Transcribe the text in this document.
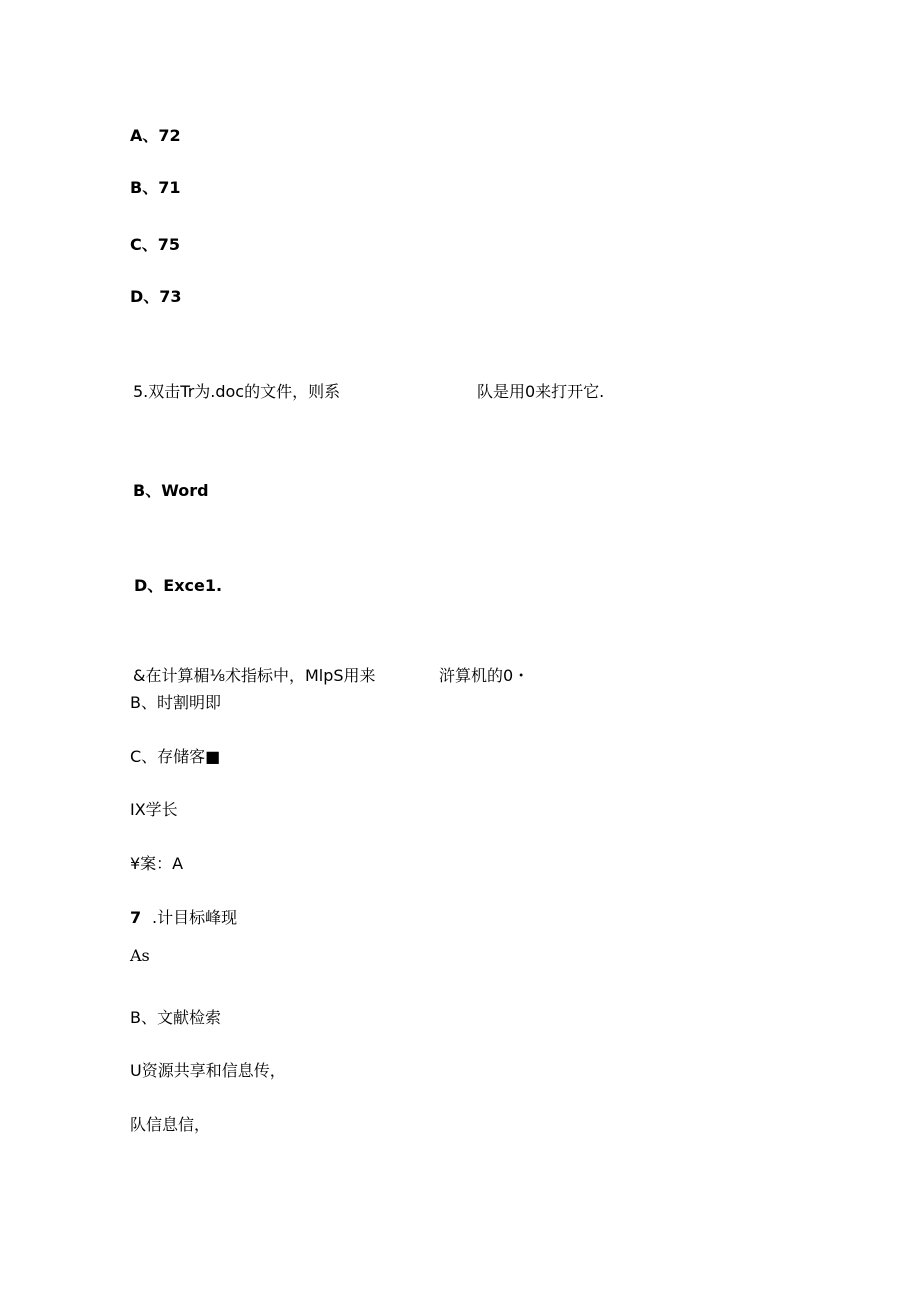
A、72
B、71
C、75
D、73
5.双击Tr为.doc的文件，则系	队是用0来打开它.
B、Word
D、Exce1.
&在计算楣⅛术指标中，MlpS用来	浒算机的0・
B、时割明即
C、存储客■
IX学长
¥案：A
7 .计目标峰现
As
B、文献检索
U资源共享和信息传，
队信息信，
